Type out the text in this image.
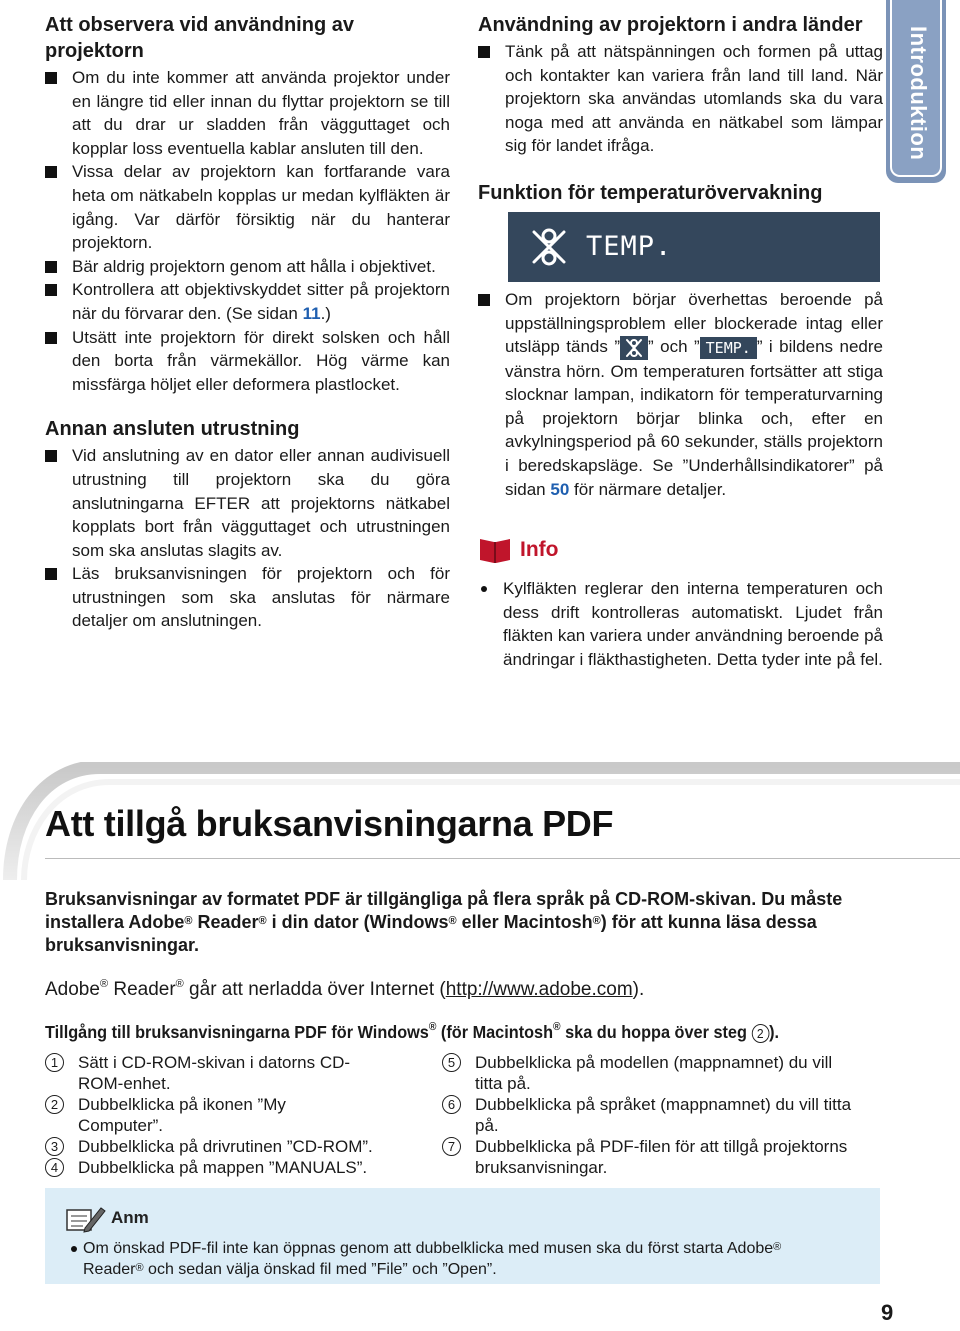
Introduktion
Att observera vid användning av projektorn
Om du inte kommer att använda projektor under en längre tid eller innan du flyttar projektorn se till att du drar ur sladden från vägguttaget och kopplar loss eventuella kablar ansluten till den.
Vissa delar av projektorn kan fortfarande vara heta om nätkabeln kopplas ur medan kylfläkten är igång. Var därför försiktig när du hanterar projektorn.
Bär aldrig projektorn genom att hålla i objektivet.
Kontrollera att objektivskyddet sitter på projektorn när du förvarar den. (Se sidan 11.)
Utsätt inte projektorn för direkt solsken och håll den borta från värmekällor. Hög värme kan missfärga höljet eller deformera plastlocket.
Annan ansluten utrustning
Vid anslutning av en dator eller annan audivisuell utrustning till projektorn ska du göra anslutningarna EFTER att projektorns nätkabel kopplats bort från vägguttaget och utrustningen som ska anslutas slagits av.
Läs bruksanvisningen för projektorn och för utrustningen som ska anslutas för närmare detaljer om anslutningen.
Användning av projektorn i andra länder
Tänk på att nätspänningen och formen på uttag och kontakter kan variera från land till land. När projektorn ska användas utomlands ska du vara noga med att använda en nätkabel som lämpar sig för landet ifråga.
Funktion för temperaturövervakning
TEMP.
Om projektorn börjar överhettas beroende på uppställningsproblem eller blockerade intag eller utsläpp tänds ” ” och ” TEMP. ” i bildens nedre vänstra hörn. Om temperaturen fortsätter att stiga slocknar lampan, indikatorn för temperaturvarning på projektorn börjar blinka och, efter en avkylningsperiod på 60 sekunder, ställs projektorn i beredskapsläge. Se ”Underhållsindikatorer” på sidan 50 för närmare detaljer.
Info
Kylfläkten reglerar den interna temperaturen och dess drift kontrolleras automatiskt. Ljudet från fläkten kan variera under användning beroende på ändringar i fläkthastigheten. Detta tyder inte på fel.
Att tillgå bruksanvisningarna PDF
Bruksanvisningar av formatet PDF är tillgängliga på flera språk på CD-ROM-skivan. Du måste installera Adobe® Reader® i din dator (Windows® eller Macintosh®) för att kunna läsa dessa bruksanvisningar.
Adobe® Reader® går att nerladda över Internet (http://www.adobe.com).
Tillgång till bruksanvisningarna PDF för Windows® (för Macintosh® ska du hoppa över steg 2 ).
1	Sätt i CD-ROM-skivan i datorns CD-ROM-enhet.
2	Dubbelklicka på ikonen ”My Computer”.
3	Dubbelklicka på drivrutinen ”CD-ROM”.
4	Dubbelklicka på mappen ”MANUALS”.
5	Dubbelklicka på modellen (mappnamnet) du vill titta på.
6	Dubbelklicka på språket (mappnamnet) du vill titta på.
7	Dubbelklicka på PDF-filen för att tillgå projektorns bruksanvisningar.
Anm
Om önskad PDF-fil inte kan öppnas genom att dubbelklicka med musen ska du först starta Adobe®
Reader® och sedan välja önskad fil med ”File” och ”Open”.
9
